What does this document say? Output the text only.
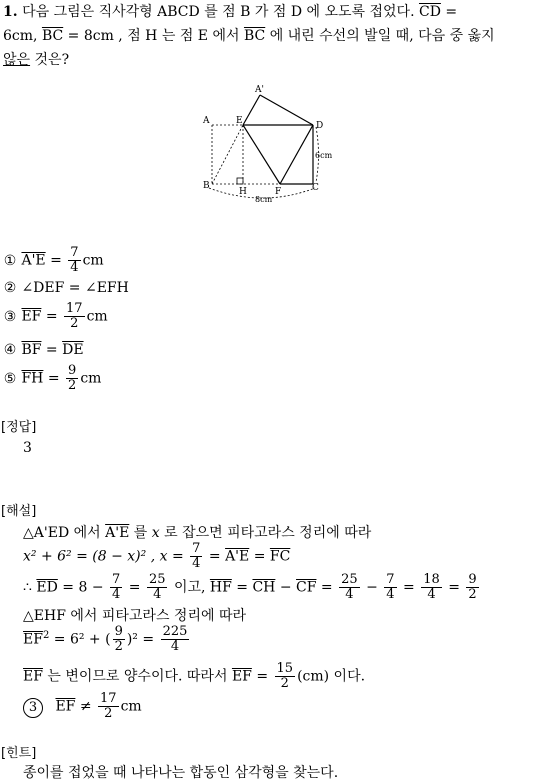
1. 다음 그림은 직사각형 ABCD 를 점 B 가 점 D 에 오도록 접었다. $\overline{CD}$ =
6cm, $\overline{BC} = 8cm$ , 점 H 는 점 E 에서 $\overline{BC}$ 에 내린 수선의 발일 때, 다음 중 옳지
않은 것은?
A
A'
E	D
B
H	F	C
6cm
8cm
① $A'E = \frac{7}{4}$ cm
② ∠DEF = ∠EFH
③ $\overline{EF} = \frac{17}{2}$ cm
④ $\overline{BF} = \overline{DE}$
⑤ $\overline{FH} = \frac{9}{2}$ cm
[정답]
3
[해설]
△A'ED 에서 A'E 를 x 로 잡으면 피타고라스 정리에 따라
x² + 6² = (8 − x)² , $x = \frac{7}{4} = A'E = \overline{FC}$
∴ $\overline{ED} = 8 - \frac{7}{4} = \frac{25}{4}$ 이고, $\overline{HF} = \overline{CH} - \overline{CF} = \frac{25}{4} - \frac{7}{4} = \frac{18}{4} = \frac{9}{2}$
△EHF 에서 피타고라스 정리에 따라
$\overline{EF}^2 = 6^2$ + ( $\frac{9}{2} )^2 = \frac{225}{4}$
$\overline{EF}$ 는 변이므로 양수이다. 따라서 $\overline{EF} = \frac{15}{2} (cm)$ 이다.
3 $\overline{EF} \ne \frac{17}{2}$ cm
[힌트]
종이를 접었을 때 나타나는 합동인 삼각형을 찾는다.
